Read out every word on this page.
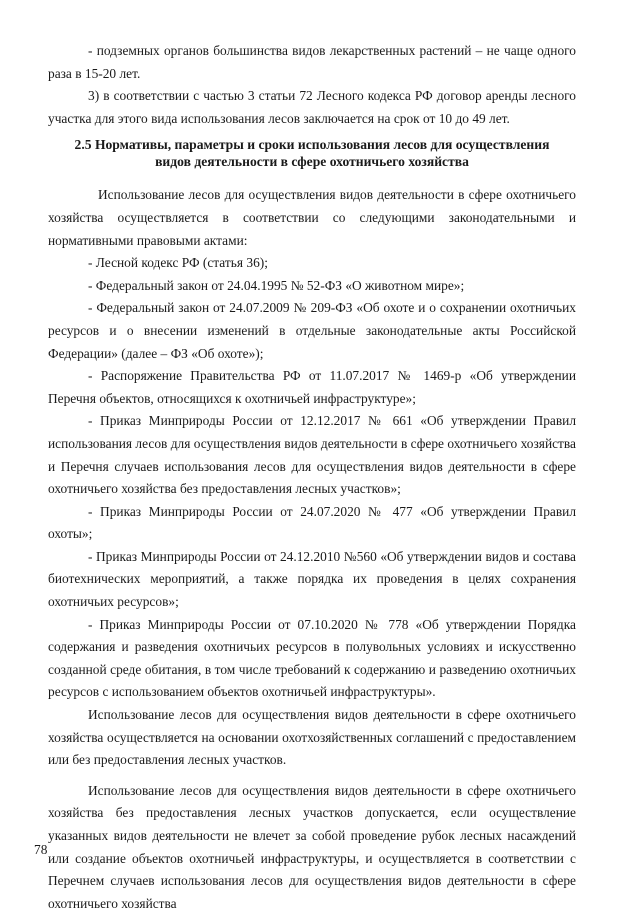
- подземных органов большинства видов лекарственных растений – не чаще одного раза в 15-20 лет.

3) в соответствии с частью 3 статьи 72 Лесного кодекса РФ договор аренды лесного участка для этого вида использования лесов заключается на срок от 10 до 49 лет.

2.5 Нормативы, параметры и сроки использования лесов для осуществления
видов деятельности в сфере охотничьего хозяйства

Использование лесов для осуществления видов деятельности в сфере охотничьего хозяйства осуществляется в соответствии со следующими законодательными и нормативными правовыми актами:

- Лесной кодекс РФ (статья 36);

- Федеральный закон от 24.04.1995 № 52-ФЗ «О животном мире»;

- Федеральный закон от 24.07.2009 № 209-ФЗ «Об охоте и о сохранении охотничьих ресурсов и о внесении изменений в отдельные законодательные акты Российской Федерации» (далее – ФЗ «Об охоте»);

- Распоряжение Правительства РФ от 11.07.2017 № 1469-р «Об утверждении Перечня объектов, относящихся к охотничьей инфраструктуре»;

- Приказ Минприроды России от 12.12.2017 № 661 «Об утверждении Правил использования лесов для осуществления видов деятельности в сфере охотничьего хозяйства и Перечня случаев использования лесов для осуществления видов деятельности в сфере охотничьего хозяйства без предоставления лесных участков»;

- Приказ Минприроды России от 24.07.2020 № 477 «Об утверждении Правил охоты»;

- Приказ Минприроды России от 24.12.2010 №560 «Об утверждении видов и состава биотехнических мероприятий, а также порядка их проведения в целях сохранения охотничьих ресурсов»;

- Приказ Минприроды России от 07.10.2020 № 778 «Об утверждении Порядка содержания и разведения охотничьих ресурсов в полувольных условиях и искусственно созданной среде обитания, в том числе требований к содержанию и разведению охотничьих ресурсов с использованием объектов охотничьей инфраструктуры».

Использование лесов для осуществления видов деятельности в сфере охотничьего хозяйства осуществляется на основании охотхозяйственных соглашений с предоставлением или без предоставления лесных участков.

Использование лесов для осуществления видов деятельности в сфере охотничьего хозяйства без предоставления лесных участков допускается, если осуществление указанных видов деятельности не влечет за собой проведение рубок лесных насаждений или создание объектов охотничьей инфраструктуры, и осуществляется в соответствии с Перечнем случаев использования лесов для осуществления видов деятельности в сфере охотничьего хозяйства

78
